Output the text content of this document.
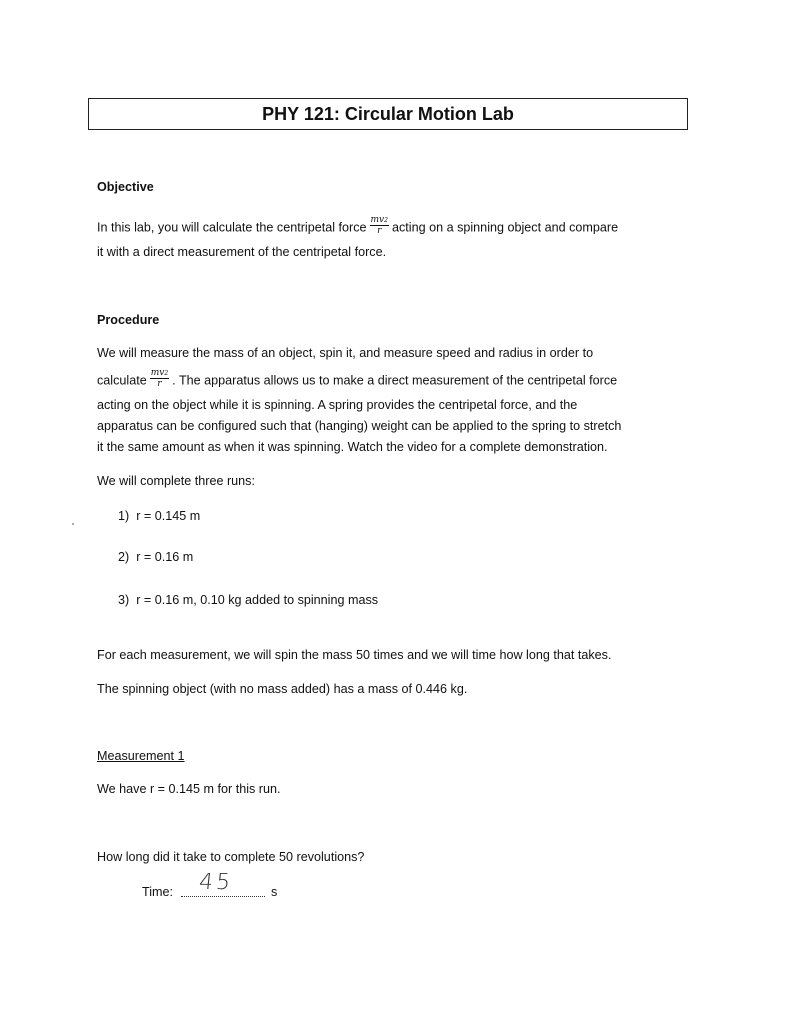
PHY 121: Circular Motion Lab
Objective
In this lab, you will calculate the centripetal force $\frac{mv^2}{r}$ acting on a spinning object and compare
it with a direct measurement of the centripetal force.
Procedure
We will measure the mass of an object, spin it, and measure speed and radius in order to
calculate $\frac{mv^2}{r}$ . The apparatus allows us to make a direct measurement of the centripetal force
acting on the object while it is spinning. A spring provides the centripetal force, and the
apparatus can be configured such that (hanging) weight can be applied to the spring to stretch
it the same amount as when it was spinning. Watch the video for a complete demonstration.
We will complete three runs:
1) r = 0.145 m
2) r = 0.16 m
3) r = 0.16 m, 0.10 kg added to spinning mass
For each measurement, we will spin the mass 50 times and we will time how long that takes.
The spinning object (with no mass added) has a mass of 0.446 kg.
Measurement 1
We have r = 0.145 m for this run.
How long did it take to complete 50 revolutions?
Time: 45	s
